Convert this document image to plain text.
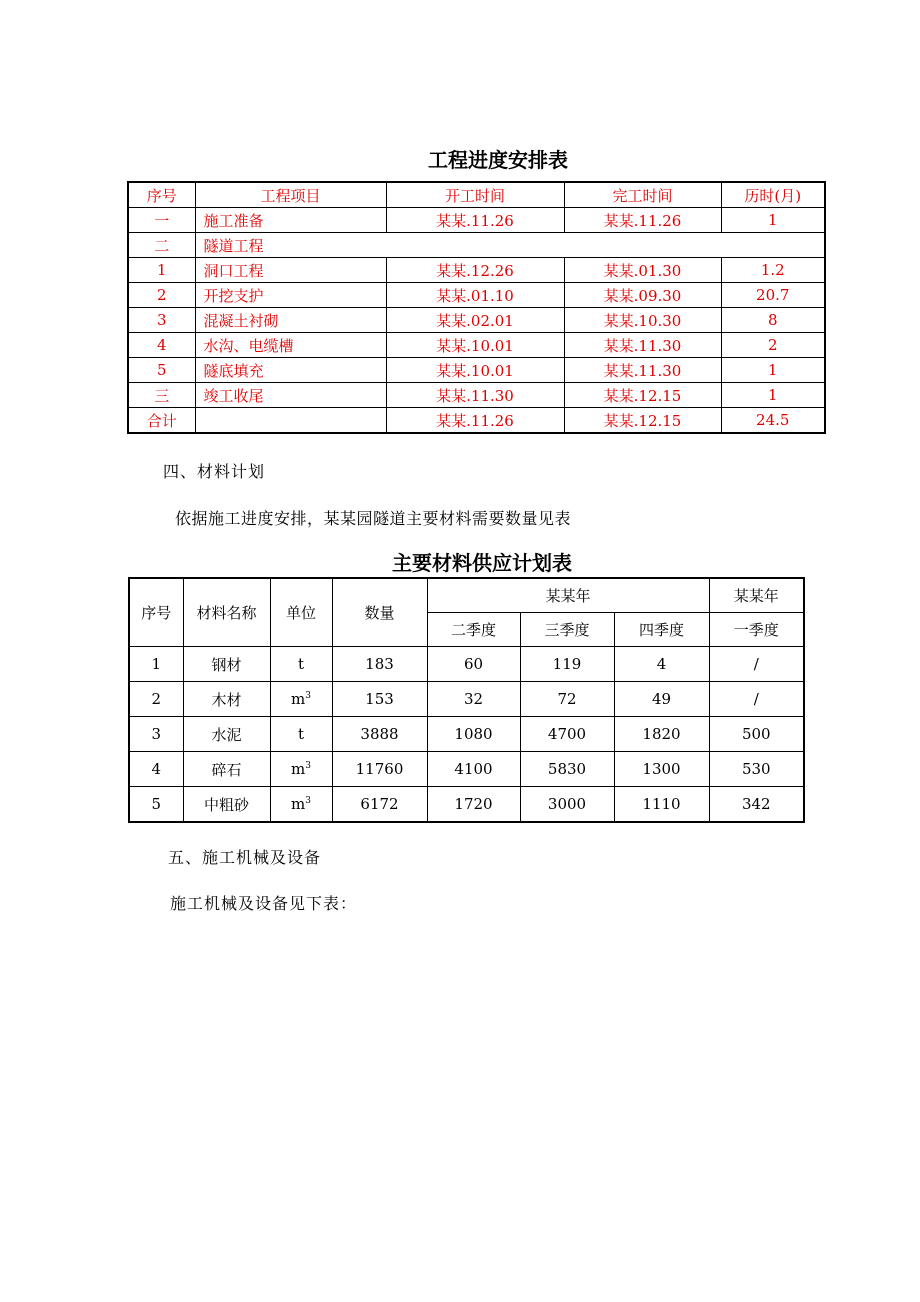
工程进度安排表
序号	工程项目	开工时间	完工时间	历时(月)
一	施工准备	某某.11.26	某某.11.26	1
二	隧道工程			
1	洞口工程	某某.12.26	某某.01.30	1.2
2	开挖支护	某某.01.10	某某.09.30	20.7
3	混凝土衬砌	某某.02.01	某某.10.30	8
4	水沟、电缆槽	某某.10.01	某某.11.30	2
5	隧底填充	某某.10.01	某某.11.30	1
三	竣工收尾	某某.11.30	某某.12.15	1
合计		某某.11.26	某某.12.15	24.5
四、材料计划
依据施工进度安排，某某园隧道主要材料需要数量见表
主要材料供应计划表
序号	材料名称	单位	数量	某某年			某某年
				二季度	三季度	四季度	一季度
1	钢材	t	183	60	119	4	/
2	木材	$m^3$	153	32	72	49	/
3	水泥	t	3888	1080	4700	1820	500
4	碎石	$m^3$	11760	4100	5830	1300	530
5	中粗砂	$m^3$	6172	1720	3000	1110	342
五、施工机械及设备
施工机械及设备见下表：
